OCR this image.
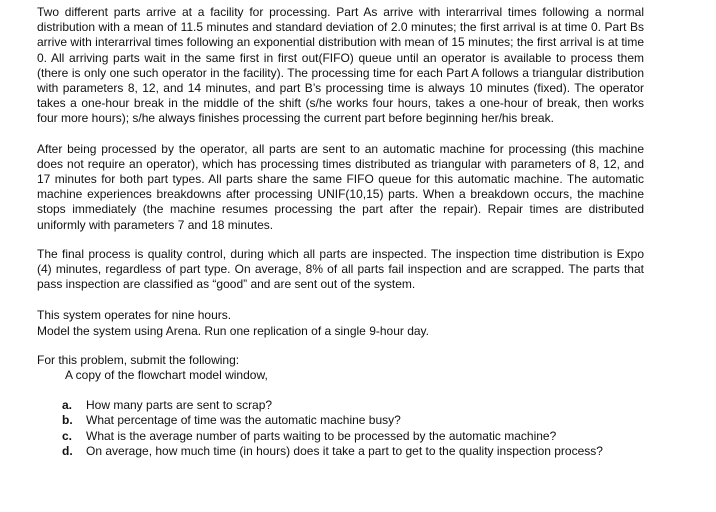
Two different parts arrive at a facility for processing. Part As arrive with interarrival times following a normal distribution with a mean of 11.5 minutes and standard deviation of 2.0 minutes; the first arrival is at time 0. Part Bs arrive with interarrival times following an exponential distribution with mean of 15 minutes; the first arrival is at time 0. All arriving parts wait in the same first in first out(FIFO) queue until an operator is available to process them (there is only one such operator in the facility). The processing time for each Part A follows a triangular distribution with parameters 8, 12, and 14 minutes, and part B’s processing time is always 10 minutes (fixed). The operator takes a one-hour break in the middle of the shift (s/he works four hours, takes a one-hour of break, then works four more hours); s/he always finishes processing the current part before beginning her/his break.

After being processed by the operator, all parts are sent to an automatic machine for processing (this machine does not require an operator), which has processing times distributed as triangular with parameters of 8, 12, and 17 minutes for both part types. All parts share the same FIFO queue for this automatic machine. The automatic machine experiences breakdowns after processing UNIF(10,15) parts. When a breakdown occurs, the machine stops immediately (the machine resumes processing the part after the repair). Repair times are distributed uniformly with parameters 7 and 18 minutes.

The final process is quality control, during which all parts are inspected. The inspection time distribution is Expo (4) minutes, regardless of part type. On average, 8% of all parts fail inspection and are scrapped. The parts that pass inspection are classified as “good” and are sent out of the system.

This system operates for nine hours.

Model the system using Arena. Run one replication of a single 9-hour day.

For this problem, submit the following:

A copy of the flowchart model window,

a.	How many parts are sent to scrap?
b.	What percentage of time was the automatic machine busy?
c.	What is the average number of parts waiting to be processed by the automatic machine?
d.	On average, how much time (in hours) does it take a part to get to the quality inspection process?
